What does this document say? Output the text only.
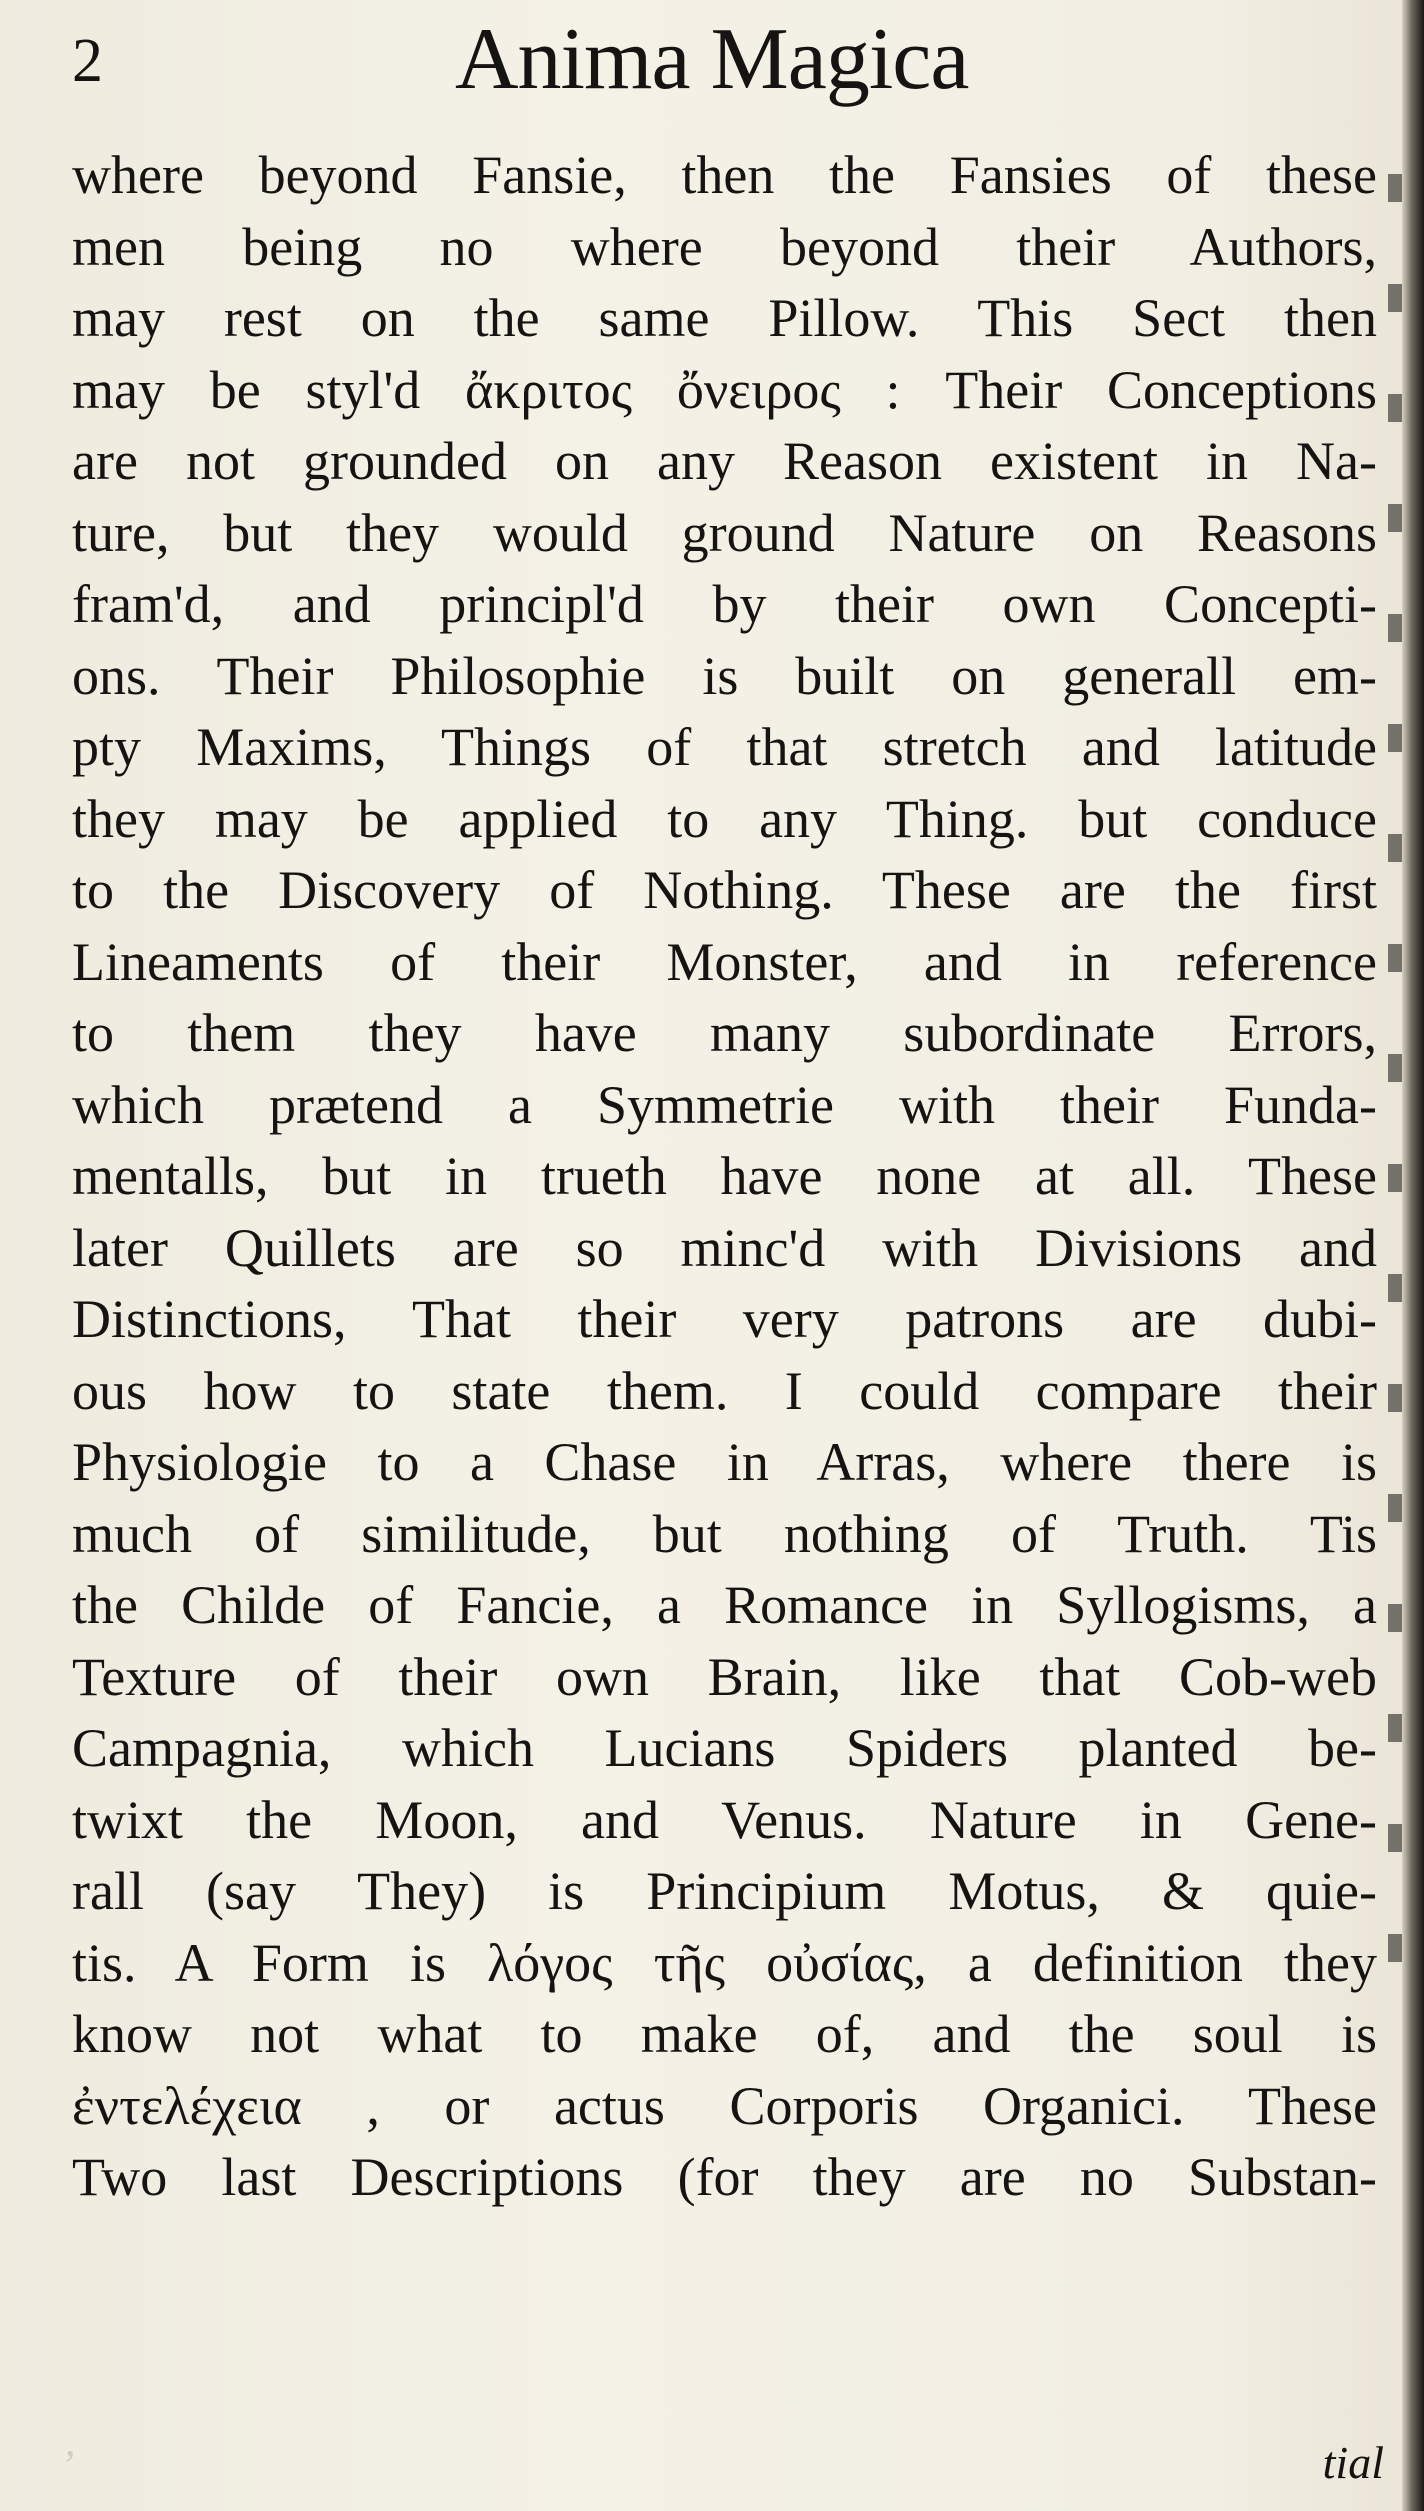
2	Anima Magica
where beyond Fansie, then the Fansies of these
men being no where beyond their Authors,
may rest on the same Pillow. This Sect then
may be styl'd ἄκριτος ὄνειρος : Their Conceptions
are not grounded on any Reason existent in Na-
ture, but they would ground Nature on Reasons
fram'd, and principl'd by their own Concepti-
ons. Their Philosophie is built on generall em-
pty Maxims, Things of that stretch and latitude
they may be applied to any Thing. but conduce
to the Discovery of Nothing. These are the first
Lineaments of their Monster, and in reference
to them they have many subordinate Errors,
which prætend a Symmetrie with their Funda-
mentalls, but in trueth have none at all. These
later Quillets are so minc'd with Divisions and
Distinctions, That their very patrons are dubi-
ous how to state them. I could compare their
Physiologie to a Chase in Arras, where there is
much of similitude, but nothing of Truth. Tis
the Childe of Fancie, a Romance in Syllogisms, a
Texture of their own Brain, like that Cob-web
Campagnia, which Lucians Spiders planted be-
twixt the Moon, and Venus. Nature in Gene-
rall (say They) is Principium Motus, & quie-
tis. A Form is λόγος τῆς οὐσίας, a definition they
know not what to make of, and the soul is
ἐντελέχεια , or actus Corporis Organici. These
Two last Descriptions (for they are no Substan-
ʼ	tial
